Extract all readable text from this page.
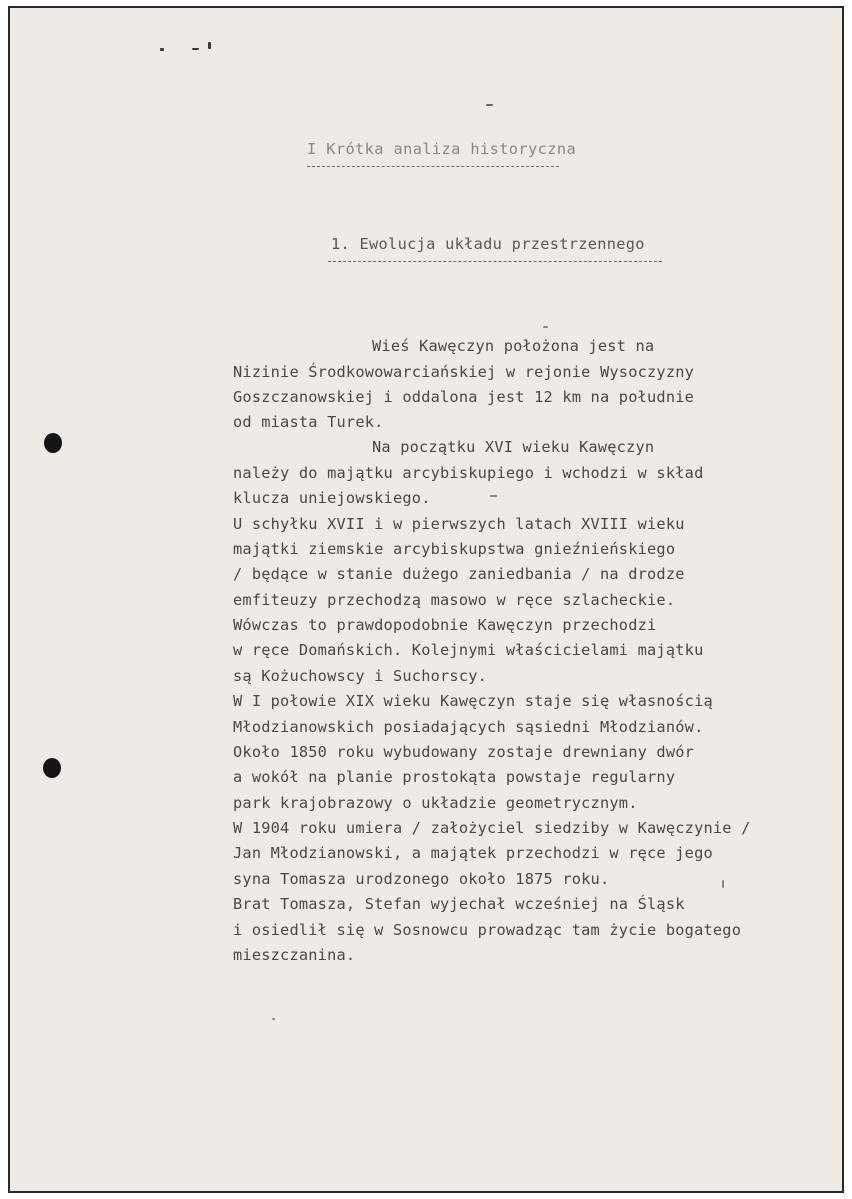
I Krótka analiza historyczna
1. Ewolucja układu przestrzennego
Wieś Kawęczyn położona jest na
Nizinie Środkowowarciańskiej w rejonie Wysoczyzny
Goszczanowskiej i oddalona jest 12 km na południe
od miasta Turek.
Na początku XVI wieku Kawęczyn
należy do majątku arcybiskupiego i wchodzi w skład
klucza uniejowskiego.
U schyłku XVII i w pierwszych latach XVIII wieku
majątki ziemskie arcybiskupstwa gnieźnieńskiego
/ będące w stanie dużego zaniedbania / na drodze
emfiteuzy przechodzą masowo w ręce szlacheckie.
Wówczas to prawdopodobnie Kawęczyn przechodzi
w ręce Domańskich. Kolejnymi właścicielami majątku
są Kożuchowscy i Suchorscy.
W I połowie XIX wieku Kawęczyn staje się własnością
Młodzianowskich posiadających sąsiedni Młodzianów.
Około 1850 roku wybudowany zostaje drewniany dwór
a wokół na planie prostokąta powstaje regularny
park krajobrazowy o układzie geometrycznym.
W 1904 roku umiera / założyciel siedziby w Kawęczynie /
Jan Młodzianowski, a majątek przechodzi w ręce jego
syna Tomasza urodzonego około 1875 roku.
Brat Tomasza, Stefan wyjechał wcześniej na Śląsk
i osiedlił się w Sosnowcu prowadząc tam życie bogatego
mieszczanina.
